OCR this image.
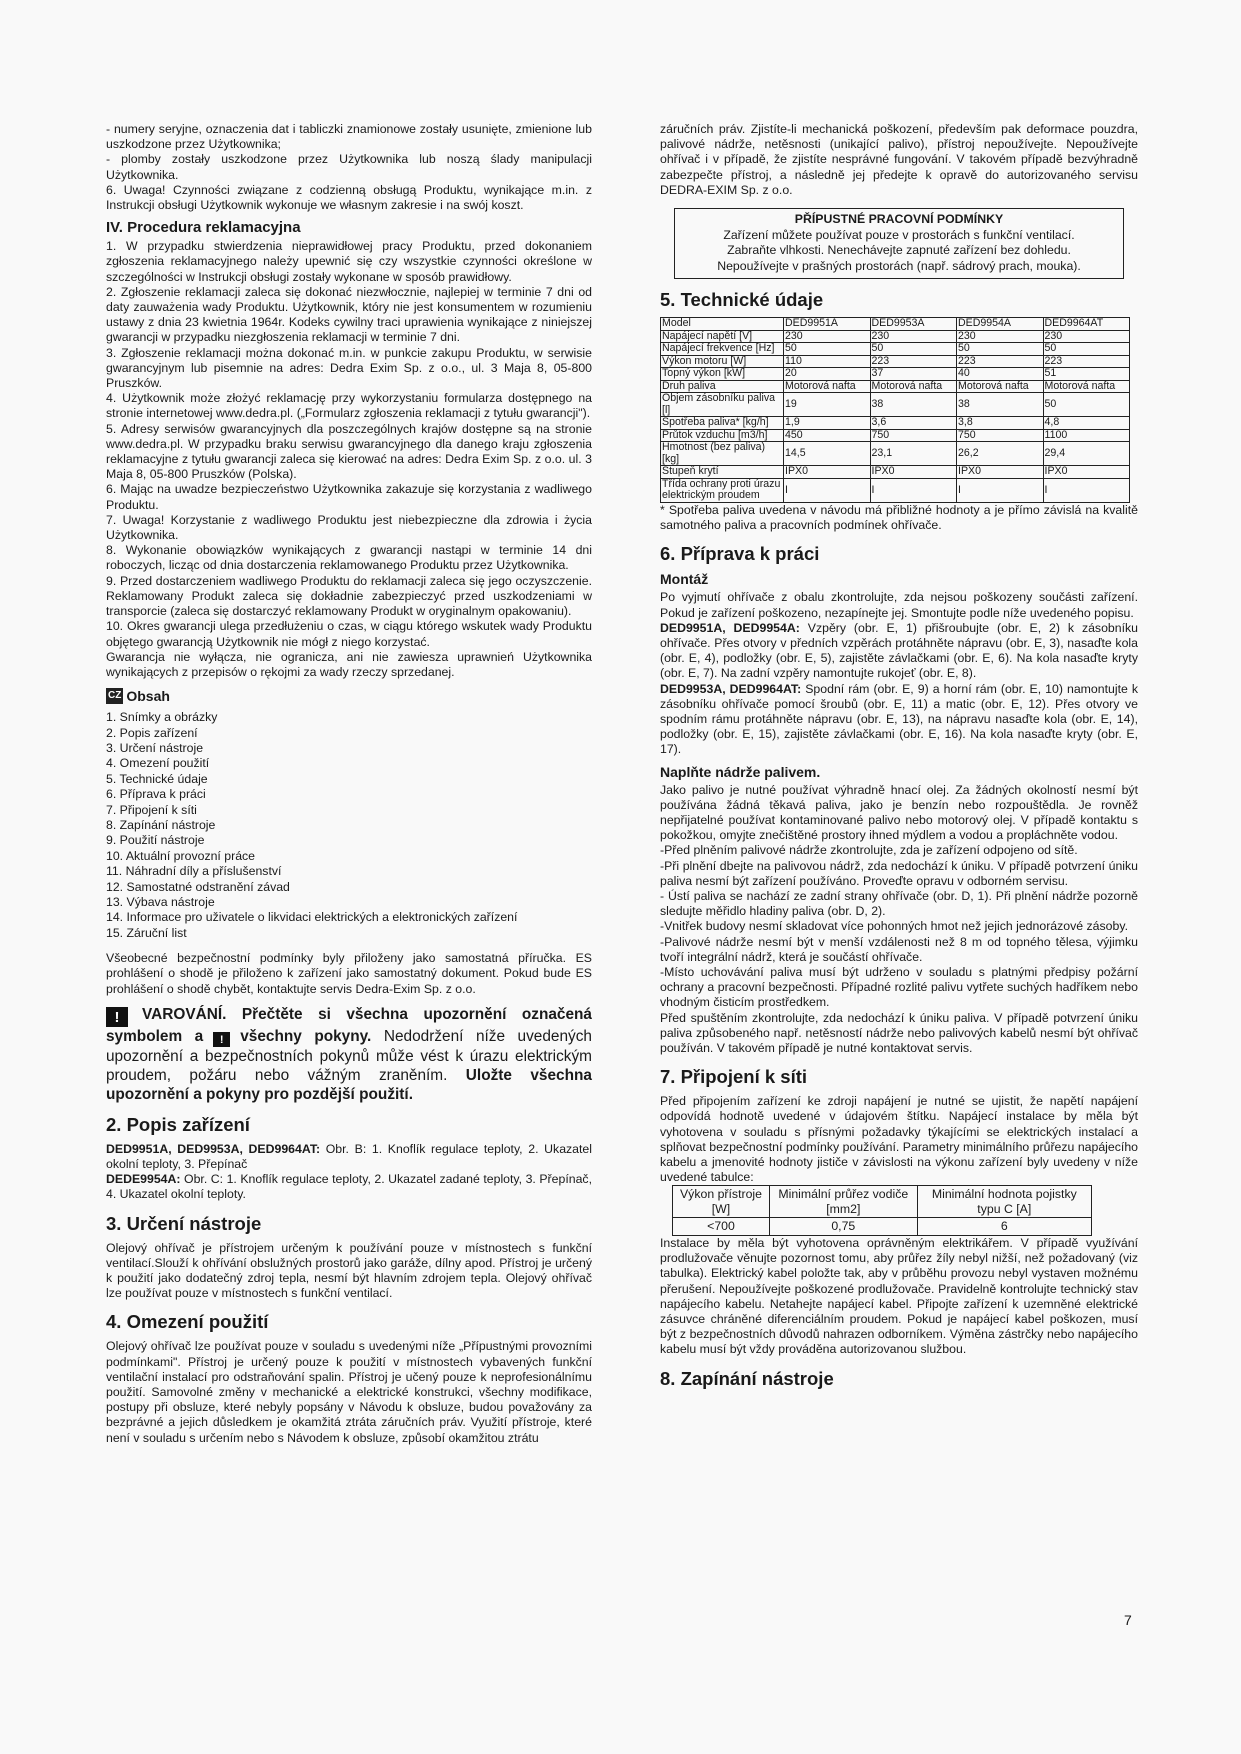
- numery seryjne, oznaczenia dat i tabliczki znamionowe zostały usunięte, zmienione lub uszkodzone przez Użytkownika;

- plomby zostały uszkodzone przez Użytkownika lub noszą ślady manipulacji Użytkownika.

6. Uwaga! Czynności związane z codzienną obsługą Produktu, wynikające m.in. z Instrukcji obsługi Użytkownik wykonuje we własnym zakresie i na swój koszt.

IV. Procedura reklamacyjna

1. W przypadku stwierdzenia nieprawidłowej pracy Produktu, przed dokonaniem zgłoszenia reklamacyjnego należy upewnić się czy wszystkie czynności określone w szczególności w Instrukcji obsługi zostały wykonane w sposób prawidłowy.

2. Zgłoszenie reklamacji zaleca się dokonać niezwłocznie, najlepiej w terminie 7 dni od daty zauważenia wady Produktu. Użytkownik, który nie jest konsumentem w rozumieniu ustawy z dnia 23 kwietnia 1964r. Kodeks cywilny traci uprawienia wynikające z niniejszej gwarancji w przypadku niezgłoszenia reklamacji w terminie 7 dni.

3. Zgłoszenie reklamacji można dokonać m.in. w punkcie zakupu Produktu, w serwisie gwarancyjnym lub pisemnie na adres: Dedra Exim Sp. z o.o., ul. 3 Maja 8, 05-800 Pruszków.

4. Użytkownik może złożyć reklamację przy wykorzystaniu formularza dostępnego na stronie internetowej www.dedra.pl. („Formularz zgłoszenia reklamacji z tytułu gwarancji").

5. Adresy serwisów gwarancyjnych dla poszczególnych krajów dostępne są na stronie www.dedra.pl. W przypadku braku serwisu gwarancyjnego dla danego kraju zgłoszenia reklamacyjne z tytułu gwarancji zaleca się kierować na adres: Dedra Exim Sp. z o.o. ul. 3 Maja 8, 05-800 Pruszków (Polska).

6. Mając na uwadze bezpieczeństwo Użytkownika zakazuje się korzystania z wadliwego Produktu.

7. Uwaga! Korzystanie z wadliwego Produktu jest niebezpieczne dla zdrowia i życia Użytkownika.

8. Wykonanie obowiązków wynikających z gwarancji nastąpi w terminie 14 dni roboczych, licząc od dnia dostarczenia reklamowanego Produktu przez Użytkownika.

9. Przed dostarczeniem wadliwego Produktu do reklamacji zaleca się jego oczyszczenie. Reklamowany Produkt zaleca się dokładnie zabezpieczyć przed uszkodzeniami w transporcie (zaleca się dostarczyć reklamowany Produkt w oryginalnym opakowaniu).

10. Okres gwarancji ulega przedłużeniu o czas, w ciągu którego wskutek wady Produktu objętego gwarancją Użytkownik nie mógł z niego korzystać.

Gwarancja nie wyłącza, nie ogranicza, ani nie zawiesza uprawnień Użytkownika wynikających z przepisów o rękojmi za wady rzeczy sprzedanej.

CZ Obsah
1. Snímky a obrázky
2. Popis zařízení
3. Určení nástroje
4. Omezení použití
5. Technické údaje
6. Příprava k práci
7. Připojení k síti
8. Zapínání nástroje
9. Použití nástroje
10. Aktuální provozní práce
11. Náhradní díly a příslušenství
12. Samostatné odstranění závad
13. Výbava nástroje
14. Informace pro uživatele o likvidaci elektrických a elektronických zařízení
15. Záruční list

Všeobecné bezpečnostní podmínky byly přiloženy jako samostatná příručka. ES prohlášení o shodě je přiloženo k zařízení jako samostatný dokument. Pokud bude ES prohlášení o shodě chybět, kontaktujte servis Dedra-Exim Sp. z o.o.

! VAROVÁNÍ. Přečtěte si všechna upozornění označená symbolem a ! všechny pokyny. Nedodržení níže uvedených upozornění a bezpečnostních pokynů může vést k úrazu elektrickým proudem, požáru nebo vážným zraněním. Uložte všechna upozornění a pokyny pro pozdější použití.
2. Popis zařízení

DED9951A, DED9953A, DED9964AT: Obr. B: 1. Knoflík regulace teploty, 2. Ukazatel okolní teploty, 3. Přepínač

DEDE9954A: Obr. C: 1. Knoflík regulace teploty, 2. Ukazatel zadané teploty, 3. Přepínač, 4. Ukazatel okolní teploty.

3. Určení nástroje

Olejový ohřívač je přístrojem určeným k používání pouze v místnostech s funkční ventilací.Slouží k ohřívání obslužných prostorů jako garáže, dílny apod. Přístroj je určený k použití jako dodatečný zdroj tepla, nesmí být hlavním zdrojem tepla. Olejový ohřívač lze používat pouze v místnostech s funkční ventilací.

4. Omezení použití

Olejový ohřívač lze používat pouze v souladu s uvedenými níže „Přípustnými provozními podmínkami". Přístroj je určený pouze k použití v místnostech vybavených funkční ventilační instalací pro odstraňování spalin. Přístroj je učený pouze k neprofesionálnímu použití. Samovolné změny v mechanické a elektrické konstrukci, všechny modifikace, postupy při obsluze, které nebyly popsány v Návodu k obsluze, budou považovány za bezprávné a jejich důsledkem je okamžitá ztráta záručních práv. Využití přístroje, které není v souladu s určením nebo s Návodem k obsluze, způsobí okamžitou ztrátu

záručních práv. Zjistíte-li mechanická poškození, především pak deformace pouzdra, palivové nádrže, netěsnosti (unikající palivo), přístroj nepoužívejte. Nepoužívejte ohřívač i v případě, že zjistíte nesprávné fungování. V takovém případě bezvýhradně zabezpečte přístroj, a následně jej předejte k opravě do autorizovaného servisu DEDRA-EXIM Sp. z o.o.

PŘÍPUSTNÉ PRACOVNÍ PODMÍNKY
Zařízení můžete používat pouze v prostorách s funkční ventilací.
Zabraňte vlhkosti. Nenechávejte zapnuté zařízení bez dohledu.
Nepoužívejte v prašných prostorách (např. sádrový prach, mouka).
5. Technické údaje
Model	DED9951A	DED9953A	DED9954A	DED9964AT
Napájecí napětí [V]	230	230	230	230
Napájecí frekvence [Hz]	50	50	50	50
Výkon motoru [W]	110	223	223	223
Topný výkon [kW]	20	37	40	51
Druh paliva	Motorová nafta	Motorová nafta	Motorová nafta	Motorová nafta
Objem zásobníku paliva [l]	19	38	38	50
Spotřeba paliva* [kg/h]	1,9	3,6	3,8	4,8
Průtok vzduchu [m3/h]	450	750	750	1100
Hmotnost (bez paliva) [kg]	14,5	23,1	26,2	29,4
Stupeň krytí	IPX0	IPX0	IPX0	IPX0
Třída ochrany proti úrazu elektrickým proudem	I	I	I	I

* Spotřeba paliva uvedena v návodu má přibližné hodnoty a je přímo závislá na kvalitě samotného paliva a pracovních podmínek ohřívače.

6. Příprava k práci
Montáž

Po vyjmutí ohřívače z obalu zkontrolujte, zda nejsou poškozeny součásti zařízení. Pokud je zařízení poškozeno, nezapínejte jej. Smontujte podle níže uvedeného popisu.

DED9951A, DED9954A: Vzpěry (obr. E, 1) přišroubujte (obr. E, 2) k zásobníku ohřívače. Přes otvory v předních vzpěrách protáhněte nápravu (obr. E, 3), nasaďte kola (obr. E, 4), podložky (obr. E, 5), zajistěte závlačkami (obr. E, 6). Na kola nasaďte kryty (obr. E, 7). Na zadní vzpěry namontujte rukojeť (obr. E, 8).

DED9953A, DED9964AT: Spodní rám (obr. E, 9) a horní rám (obr. E, 10) namontujte k zásobníku ohřívače pomocí šroubů (obr. E, 11) a matic (obr. E, 12). Přes otvory ve spodním rámu protáhněte nápravu (obr. E, 13), na nápravu nasaďte kola (obr. E, 14), podložky (obr. E, 15), zajistěte závlačkami (obr. E, 16). Na kola nasaďte kryty (obr. E, 17).

Naplňte nádrže palivem.

Jako palivo je nutné používat výhradně hnací olej. Za žádných okolností nesmí být používána žádná těkavá paliva, jako je benzín nebo rozpouštědla. Je rovněž nepřijatelné používat kontaminované palivo nebo motorový olej. V případě kontaktu s pokožkou, omyjte znečištěné prostory ihned mýdlem a vodou a propláchněte vodou.

-Před plněním palivové nádrže zkontrolujte, zda je zařízení odpojeno od sítě.

-Při plnění dbejte na palivovou nádrž, zda nedochází k úniku. V případě potvrzení úniku paliva nesmí být zařízení používáno. Proveďte opravu v odborném servisu.

- Ústí paliva se nachází ze zadní strany ohřívače (obr. D, 1). Při plnění nádrže pozorně sledujte měřidlo hladiny paliva (obr. D, 2).

-Vnitřek budovy nesmí skladovat více pohonných hmot než jejich jednorázové zásoby.

-Palivové nádrže nesmí být v menší vzdálenosti než 8 m od topného tělesa, výjimku tvoří integrální nádrž, která je součástí ohřívače.

-Místo uchovávání paliva musí být udrženo v souladu s platnými předpisy požární ochrany a pracovní bezpečnosti. Případné rozlité palivu vytřete suchých hadříkem nebo vhodným čisticím prostředkem.

Před spuštěním zkontrolujte, zda nedochází k úniku paliva. V případě potvrzení úniku paliva způsobeného např. netěsností nádrže nebo palivových kabelů nesmí být ohřívač používán. V takovém případě je nutné kontaktovat servis.

7. Připojení k síti

Před připojením zařízení ke zdroji napájení je nutné se ujistit, že napětí napájení odpovídá hodnotě uvedené v údajovém štítku. Napájecí instalace by měla být vyhotovena v souladu s přísnými požadavky týkajícími se elektrických instalací a splňovat bezpečnostní podmínky používání. Parametry minimálního průřezu napájecího kabelu a jmenovité hodnoty jističe v závislosti na výkonu zařízení byly uvedeny v níže uvedené tabulce:

Výkon přístroje [W]	Minimální průřez vodiče [mm2]	Minimální hodnota pojistky typu C [A]
<700	0,75	6

Instalace by měla být vyhotovena oprávněným elektrikářem. V případě využívání prodlužovače věnujte pozornost tomu, aby průřez žíly nebyl nižší, než požadovaný (viz tabulka). Elektrický kabel položte tak, aby v průběhu provozu nebyl vystaven možnému přerušení. Nepoužívejte poškozené prodlužovače. Pravidelně kontrolujte technický stav napájecího kabelu. Netahejte napájecí kabel. Připojte zařízení k uzemněné elektrické zásuvce chráněné diferenciálním proudem. Pokud je napájecí kabel poškozen, musí být z bezpečnostních důvodů nahrazen odborníkem. Výměna zástrčky nebo napájecího kabelu musí být vždy prováděna autorizovanou službou.

8. Zapínání nástroje
7
